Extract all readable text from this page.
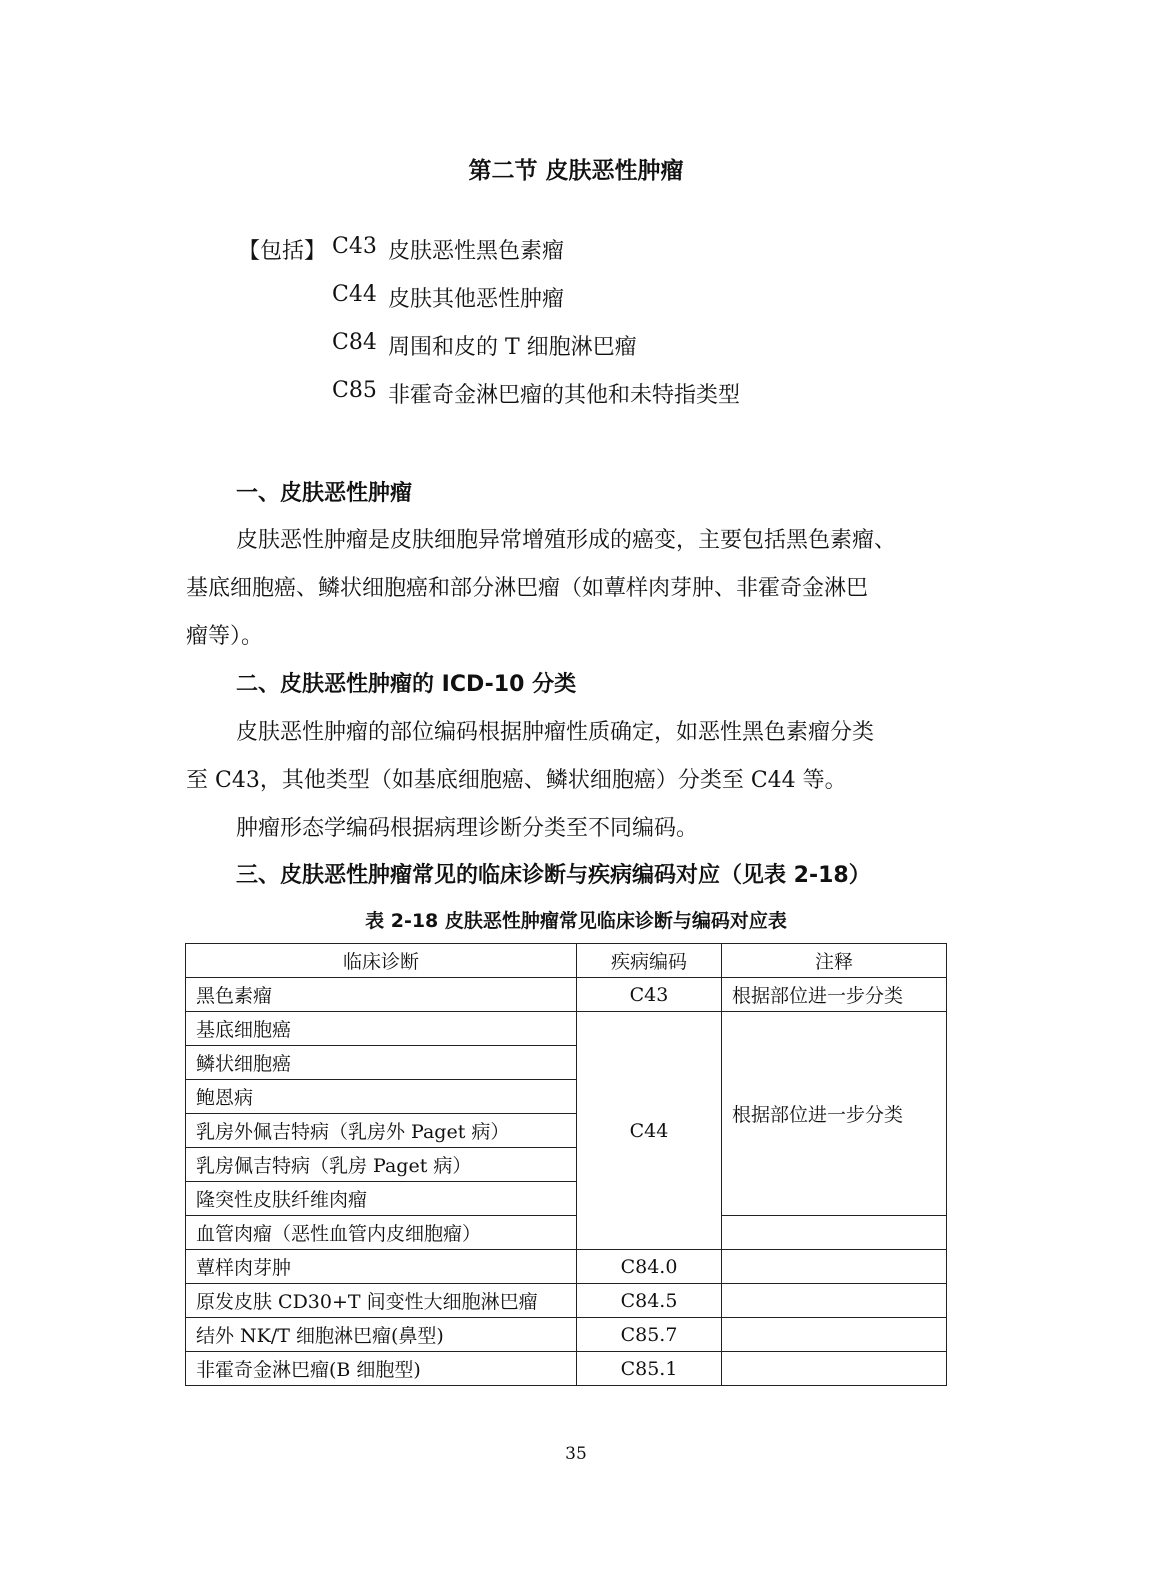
第二节 皮肤恶性肿瘤
【包括】 C43 皮肤恶性黑色素瘤
C44 皮肤其他恶性肿瘤
C84 周围和皮的 T 细胞淋巴瘤
C85 非霍奇金淋巴瘤的其他和未特指类型
一、皮肤恶性肿瘤
皮肤恶性肿瘤是皮肤细胞异常增殖形成的癌变，主要包括黑色素瘤、
基底细胞癌、鳞状细胞癌和部分淋巴瘤（如蕈样肉芽肿、非霍奇金淋巴
瘤等）。
二、皮肤恶性肿瘤的 ICD-10 分类
皮肤恶性肿瘤的部位编码根据肿瘤性质确定，如恶性黑色素瘤分类
至 C43，其他类型（如基底细胞癌、鳞状细胞癌）分类至 C44 等。
肿瘤形态学编码根据病理诊断分类至不同编码。
三、皮肤恶性肿瘤常见的临床诊断与疾病编码对应（见表 2-18）
表 2-18 皮肤恶性肿瘤常见临床诊断与编码对应表
临床诊断	疾病编码	注释
黑色素瘤	C43	根据部位进一步分类
基底细胞癌	C44	根据部位进一步分类
鳞状细胞癌		
鲍恩病		
乳房外佩吉特病（乳房外 Paget 病）		
乳房佩吉特病（乳房 Paget 病）		
隆突性皮肤纤维肉瘤		
血管肉瘤（恶性血管内皮细胞瘤）		
蕈样肉芽肿	C84.0	
原发皮肤 CD30+T 间变性大细胞淋巴瘤	C84.5	
结外 NK/T 细胞淋巴瘤(鼻型)	C85.7	
非霍奇金淋巴瘤(B 细胞型)	C85.1	
35
